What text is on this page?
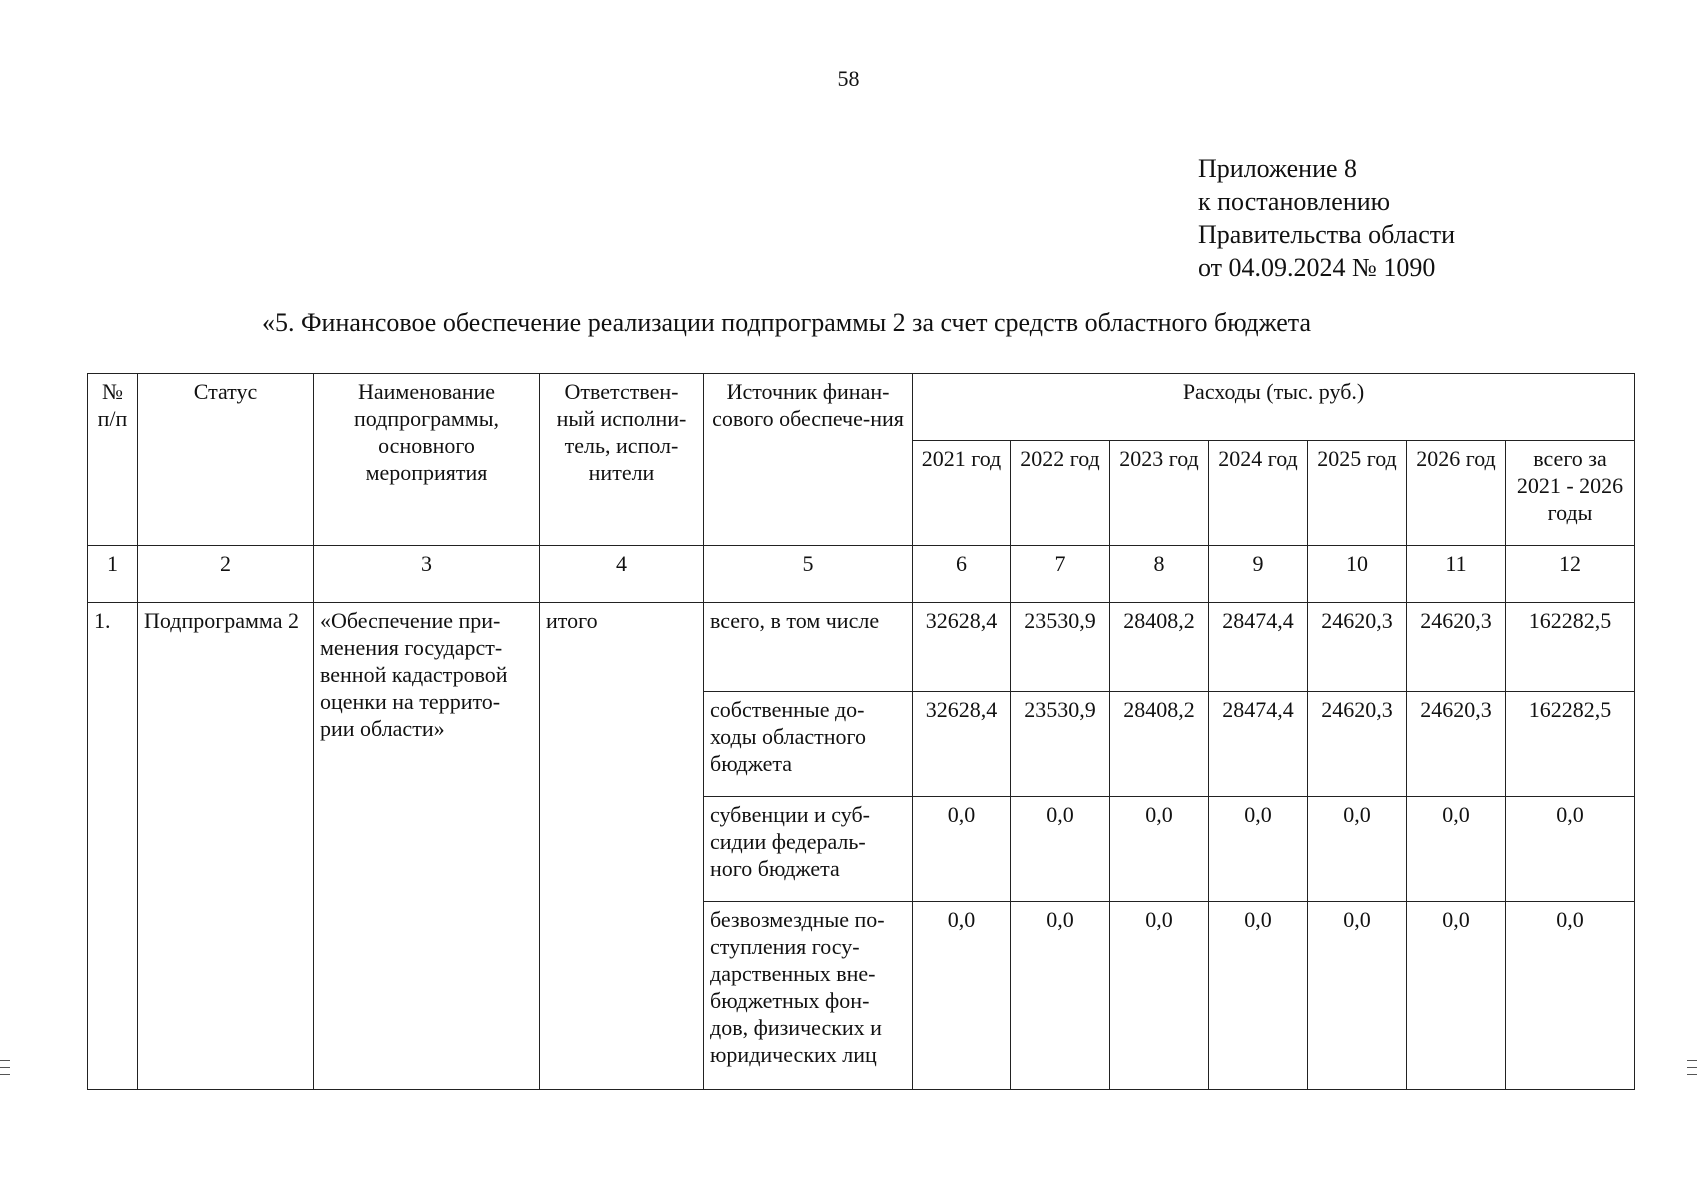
58
Приложение 8
к постановлению
Правительства области
от 04.09.2024 № 1090
«5. Финансовое обеспечение реализации подпрограммы 2 за счет средств областного бюджета
№ п/п	Статус	Наименование подпрограммы, основного мероприятия	Ответствен-ный исполни-тель, испол-нители	Источник финан-сового обеспече-ния	Расходы (тыс. руб.)						
					2021 год	2022 год	2023 год	2024 год	2025 год	2026 год	всего за 2021 - 2026 годы
1	2	3	4	5	6	7	8	9	10	11	12
1.	Подпрограмма 2	«Обеспечение при-менения государст-венной кадастровой оценки на террито-рии области»	итого	всего, в том числе	32628,4	23530,9	28408,2	28474,4	24620,3	24620,3	162282,5
				собственные до-ходы областного бюджета	32628,4	23530,9	28408,2	28474,4	24620,3	24620,3	162282,5
				субвенции и суб-сидии федераль-ного бюджета	0,0	0,0	0,0	0,0	0,0	0,0	0,0
				безвозмездные по-ступления госу-дарственных вне-бюджетных фон-дов, физических и юридических лиц	0,0	0,0	0,0	0,0	0,0	0,0	0,0
